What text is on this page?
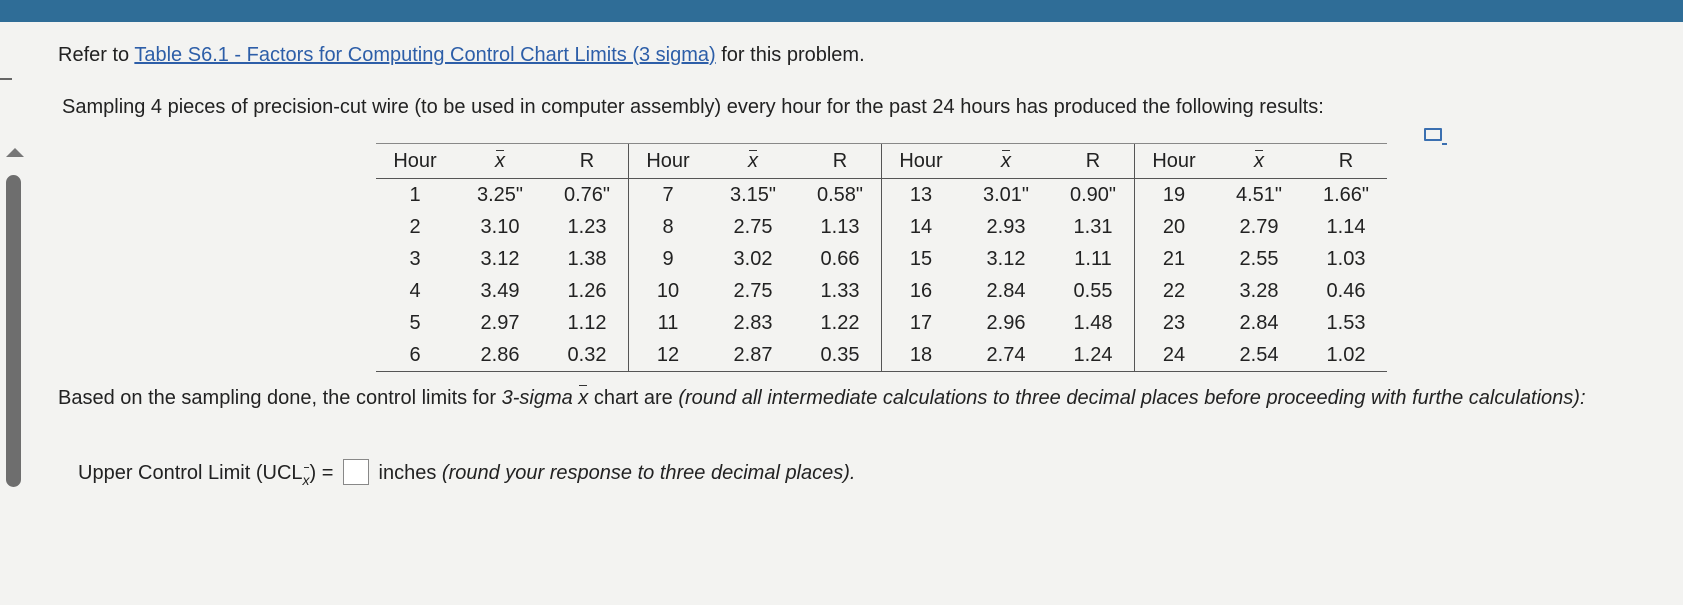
Refer to Table S6.1 - Factors for Computing Control Chart Limits (3 sigma) for this problem.
Sampling 4 pieces of precision-cut wire (to be used in computer assembly) every hour for the past 24 hours has produced the following results:
Hour	x	R	Hour	x	R	Hour	x	R	Hour	x	R
1	3.25"	0.76"	7	3.15"	0.58"	13	3.01"	0.90"	19	4.51"	1.66"
2	3.10	1.23	8	2.75	1.13	14	2.93	1.31	20	2.79	1.14
3	3.12	1.38	9	3.02	0.66	15	3.12	1.11	21	2.55	1.03
4	3.49	1.26	10	2.75	1.33	16	2.84	0.55	22	3.28	0.46
5	2.97	1.12	11	2.83	1.22	17	2.96	1.48	23	2.84	1.53
6	2.86	0.32	12	2.87	0.35	18	2.74	1.24	24	2.54	1.02
Based on the sampling done, the control limits for 3-sigma x chart are (round all intermediate calculations to three decimal places before proceeding with furthe calculations):
Upper Control Limit $(UCL_x)$ = inches (round your response to three decimal places).
